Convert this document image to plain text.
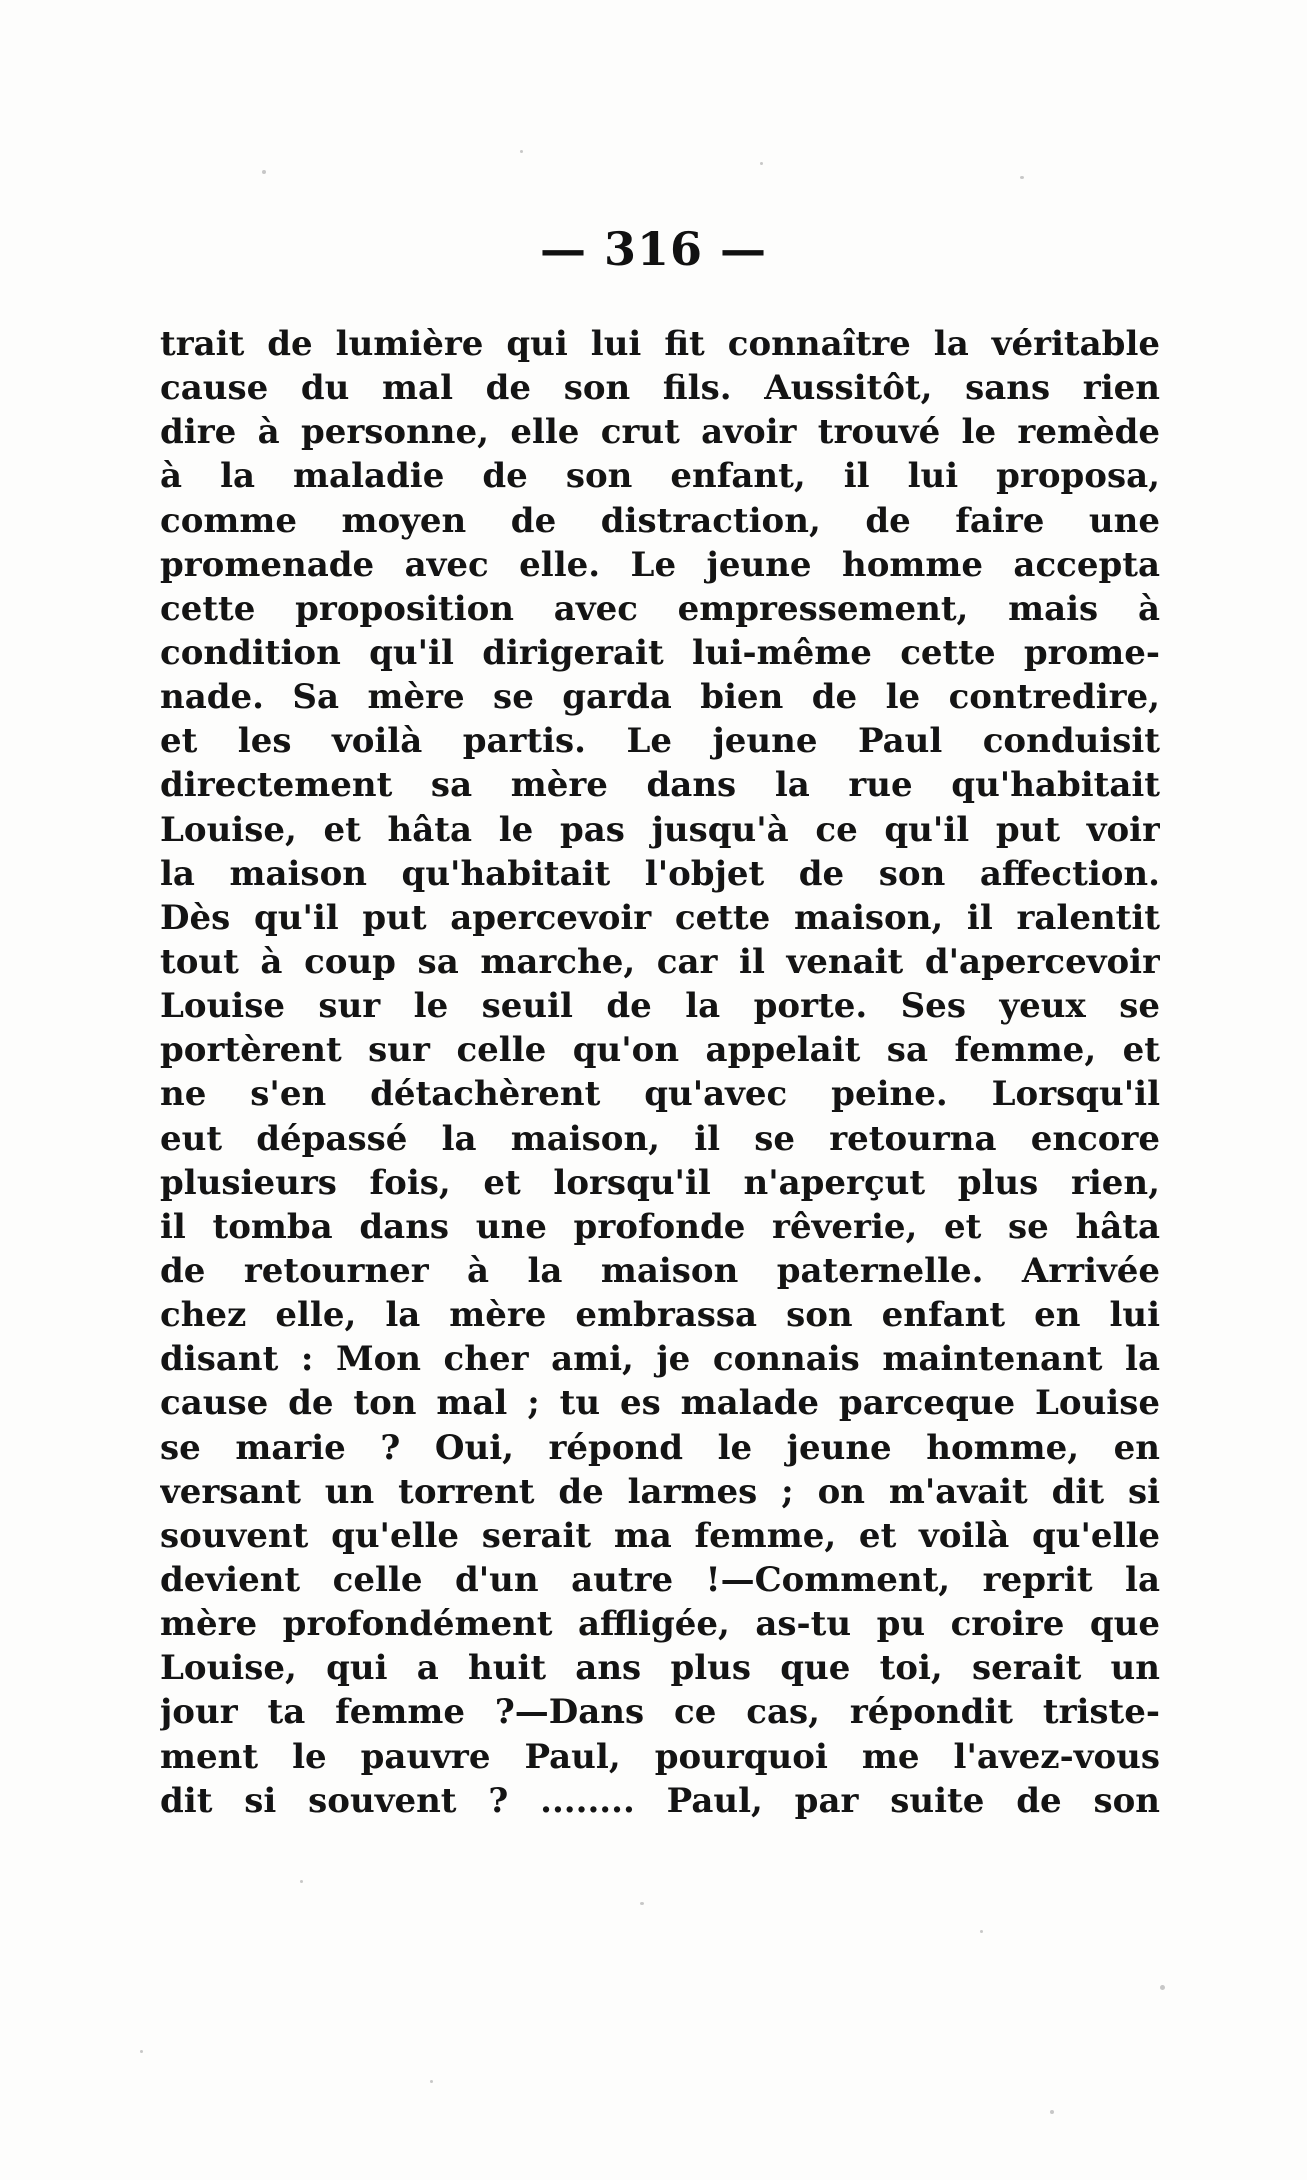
— 316 —
trait de lumière qui lui fit connaître la véritable
cause du mal de son fils. Aussitôt, sans rien
dire à personne, elle crut avoir trouvé le remède
à la maladie de son enfant, il lui proposa,
comme moyen de distraction, de faire une
promenade avec elle. Le jeune homme accepta
cette proposition avec empressement, mais à
condition qu'il dirigerait lui-même cette prome-
nade. Sa mère se garda bien de le contredire,
et les voilà partis. Le jeune Paul conduisit
directement sa mère dans la rue qu'habitait
Louise, et hâta le pas jusqu'à ce qu'il put voir
la maison qu'habitait l'objet de son affection.
Dès qu'il put apercevoir cette maison, il ralentit
tout à coup sa marche, car il venait d'apercevoir
Louise sur le seuil de la porte. Ses yeux se
portèrent sur celle qu'on appelait sa femme, et
ne s'en détachèrent qu'avec peine. Lorsqu'il
eut dépassé la maison, il se retourna encore
plusieurs fois, et lorsqu'il n'aperçut plus rien,
il tomba dans une profonde rêverie, et se hâta
de retourner à la maison paternelle. Arrivée
chez elle, la mère embrassa son enfant en lui
disant : Mon cher ami, je connais maintenant la
cause de ton mal ; tu es malade parceque Louise
se marie ? Oui, répond le jeune homme, en
versant un torrent de larmes ; on m'avait dit si
souvent qu'elle serait ma femme, et voilà qu'elle
devient celle d'un autre !—Comment, reprit la
mère profondément affligée, as-tu pu croire que
Louise, qui a huit ans plus que toi, serait un
jour ta femme ?—Dans ce cas, répondit triste-
ment le pauvre Paul, pourquoi me l'avez-vous
dit si souvent ? ........ Paul, par suite de son
